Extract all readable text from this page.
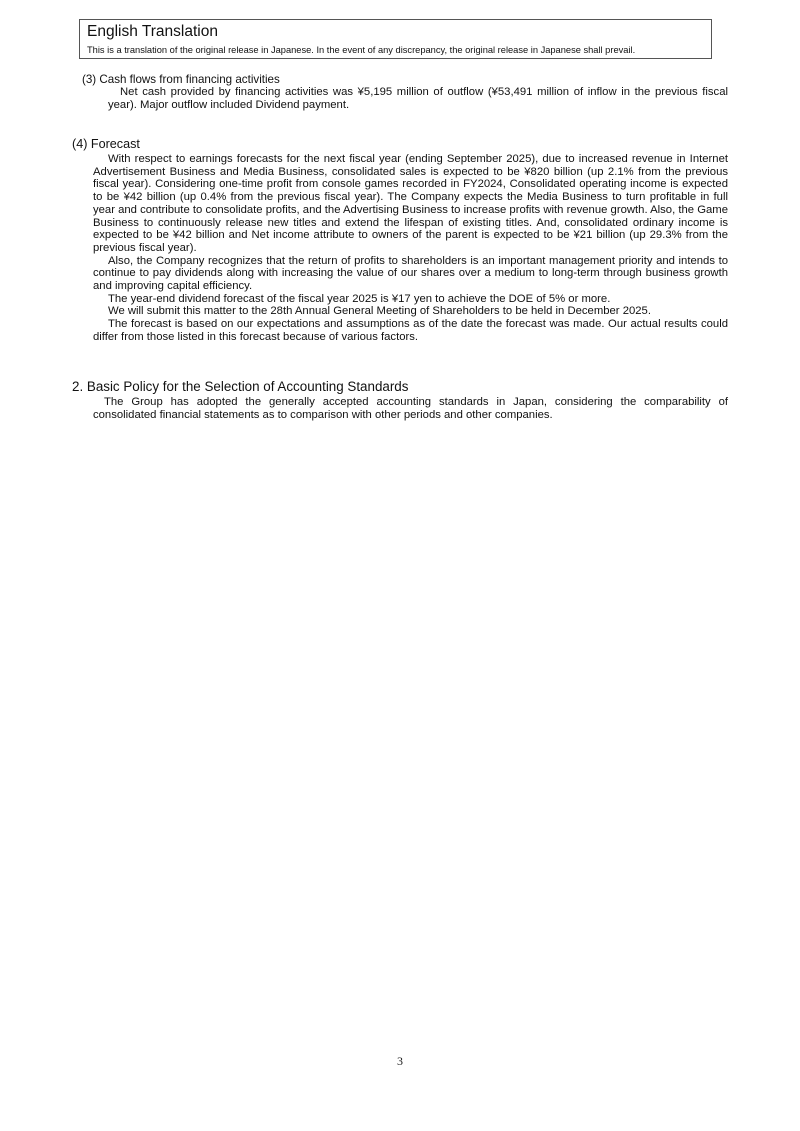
English Translation
This is a translation of the original release in Japanese. In the event of any discrepancy, the original release in Japanese shall prevail.

(3) Cash flows from financing activities

Net cash provided by financing activities was ¥5,195 million of outflow (¥53,491 million of inflow in the previous fiscal year). Major outflow included Dividend payment.

(4) Forecast

With respect to earnings forecasts for the next fiscal year (ending September 2025), due to increased revenue in Internet Advertisement Business and Media Business, consolidated sales is expected to be ¥820 billion (up 2.1% from the previous fiscal year). Considering one-time profit from console games recorded in FY2024, Consolidated operating income is expected to be ¥42 billion (up 0.4% from the previous fiscal year). The Company expects the Media Business to turn profitable in full year and contribute to consolidate profits, and the Advertising Business to increase profits with revenue growth. Also, the Game Business to continuously release new titles and extend the lifespan of existing titles. And, consolidated ordinary income is expected to be ¥42 billion and Net income attribute to owners of the parent is expected to be ¥21 billion (up 29.3% from the previous fiscal year).

Also, the Company recognizes that the return of profits to shareholders is an important management priority and intends to continue to pay dividends along with increasing the value of our shares over a medium to long-term through business growth and improving capital efficiency.

The year-end dividend forecast of the fiscal year 2025 is ¥17 yen to achieve the DOE of 5% or more.

We will submit this matter to the 28th Annual General Meeting of Shareholders to be held in December 2025.

The forecast is based on our expectations and assumptions as of the date the forecast was made. Our actual results could differ from those listed in this forecast because of various factors.

2. Basic Policy for the Selection of Accounting Standards

The Group has adopted the generally accepted accounting standards in Japan, considering the comparability of consolidated financial statements as to comparison with other periods and other companies.

3
